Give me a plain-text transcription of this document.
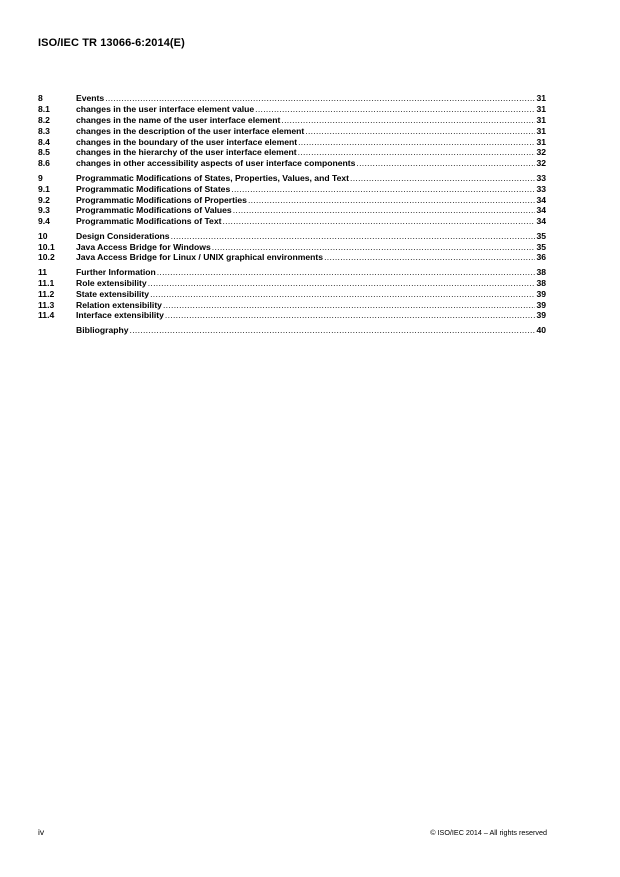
ISO/IEC TR 13066-6:2014(E)
8	Events .....	31
8.1	changes in the user interface element value .....	31
8.2	changes in the name of the user interface element .....	31
8.3	changes in the description of the user interface element .....	31
8.4	changes in the boundary of the user interface element .....	31
8.5	changes in the hierarchy of the user interface element .....	32
8.6	changes in other accessibility aspects of user interface components .....	32
9	Programmatic Modifications of States, Properties, Values, and Text .....	33
9.1	Programmatic Modifications of States .....	33
9.2	Programmatic Modifications of Properties .....	34
9.3	Programmatic Modifications of Values .....	34
9.4	Programmatic Modifications of Text .....	34
10	Design Considerations .....	35
10.1	Java Access Bridge for Windows .....	35
10.2	Java Access Bridge for Linux / UNIX graphical environments .....	36
11	Further Information .....	38
11.1	Role extensibility .....	38
11.2	State extensibility .....	39
11.3	Relation extensibility .....	39
11.4	Interface extensibility .....	39
Bibliography .....	40
iv	© ISO/IEC 2014 – All rights reserved
